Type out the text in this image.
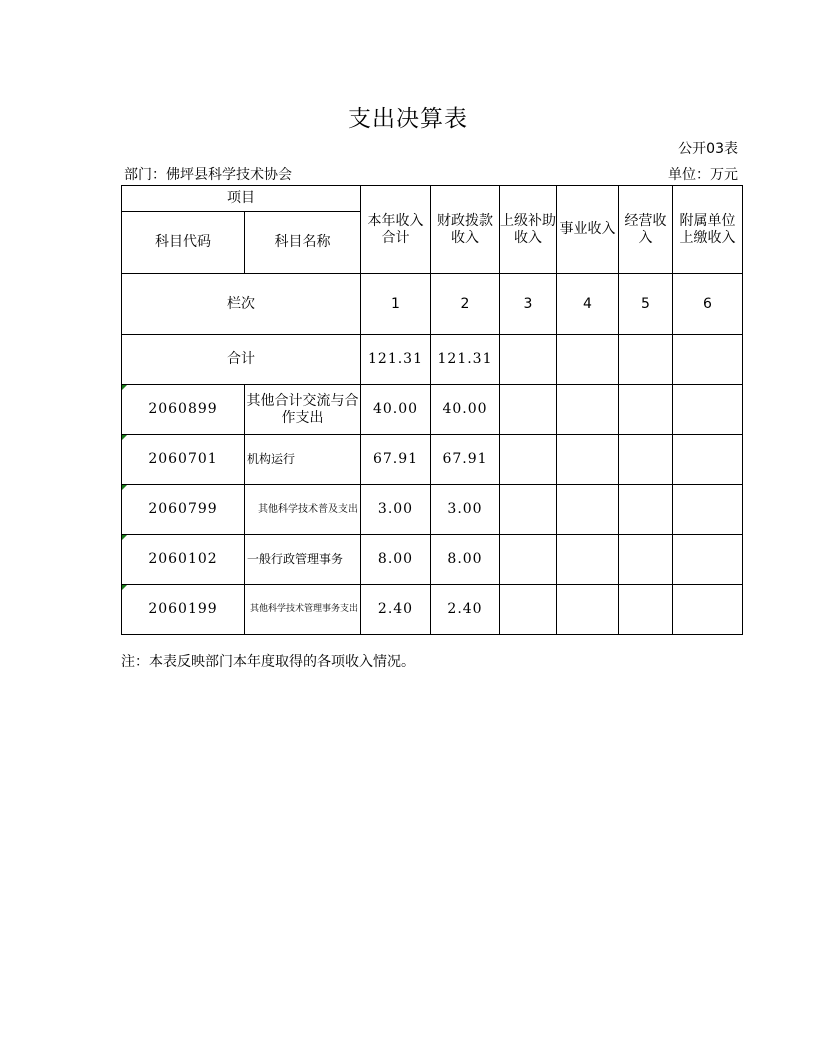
支出决算表
公开03表
部门：佛坪县科学技术协会	单位：万元
项目		本年收入合计	财政拨款收入	上级补助收入	事业收入	经营收入	附属单位上缴收入
科目代码	科目名称						
栏次		1	2	3	4	5	6
合计		121.31	121.31				

2060899	其他合计交流与合作支出	40.00	40.00				

2060701	机构运行	67.91	67.91				

2060799	其他科学技术普及支出	3.00	3.00				

2060102	一般行政管理事务	8.00	8.00				

2060199	其他科学技术管理事务支出	2.40	2.40				
注：本表反映部门本年度取得的各项收入情况。
